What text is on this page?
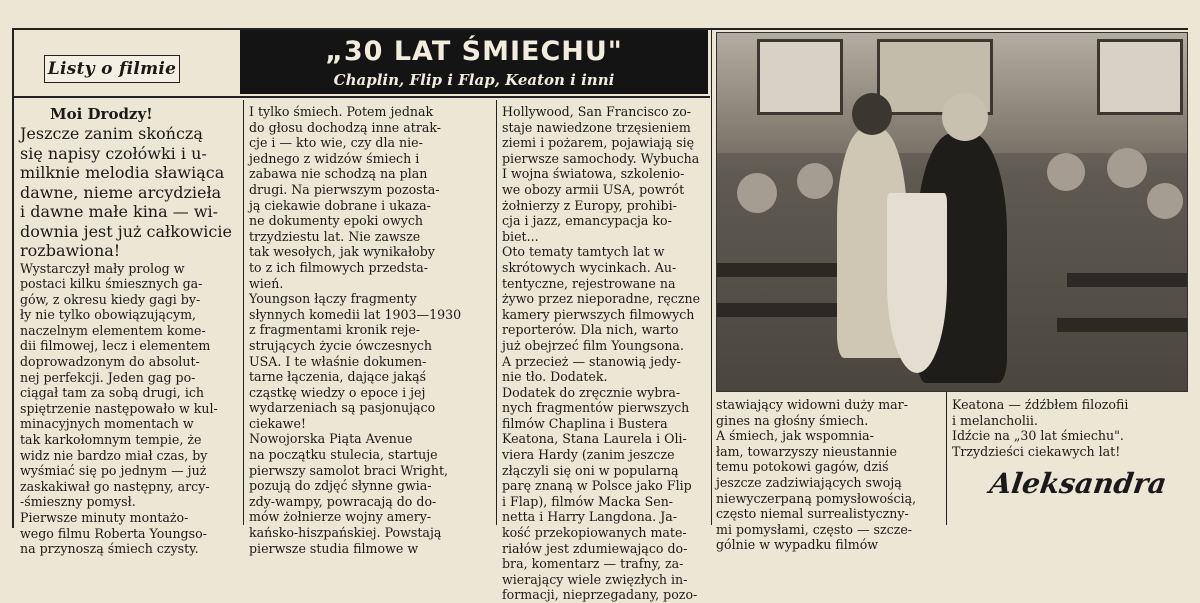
Listy o filmie
„30 LAT ŚMIECHU"
Chaplin, Flip i Flap, Keaton i inni
Moi Drodzy!
Jeszcze zanim skończą
się napisy czołówki i u-
milknie melodia sławiąca
dawne, nieme arcydzieła
i dawne małe kina — wi-
downia jest już całkowicie
rozbawiona!
Wystarczył mały prolog w
postaci kilku śmiesznych ga-
gów, z okresu kiedy gagi by-
ły nie tylko obowiązującym,
naczelnym elementem kome-
dii filmowej, lecz i elementem
doprowadzonym do absolut-
nej perfekcji. Jeden gag po-
ciągał tam za sobą drugi, ich
spiętrzenie następowało w kul-
minacyjnych momentach w
tak karkołomnym tempie, że
widz nie bardzo miał czas, by
wyśmiać się po jednym — już
zaskakiwał go następny, arcy-
-śmieszny pomysł.
Pierwsze minuty montażo-
wego filmu Roberta Youngso-
na przynoszą śmiech czysty.
I tylko śmiech. Potem jednak
do głosu dochodzą inne atrak-
cje i — kto wie, czy dla nie-
jednego z widzów śmiech i
zabawa nie schodzą na plan
drugi. Na pierwszym pozosta-
ją ciekawie dobrane i ukaza-
ne dokumenty epoki owych
trzydziestu lat. Nie zawsze
tak wesołych, jak wynikałoby
to z ich filmowych przedsta-
wień.
Youngson łączy fragmenty
słynnych komedii lat 1903—1930
z fragmentami kronik reje-
strujących życie ówczesnych
USA. I te właśnie dokumen-
tarne łączenia, dające jakąś
cząstkę wiedzy o epoce i jej
wydarzeniach są pasjonująco
ciekawe!
Nowojorska Piąta Avenue
na początku stulecia, startuje
pierwszy samolot braci Wright,
pozują do zdjęć słynne gwia-
zdy-wampy, powracają do do-
mów żołnierze wojny amery-
kańsko-hiszpańskiej. Powstają
pierwsze studia filmowe w
Hollywood, San Francisco zo-
staje nawiedzone trzęsieniem
ziemi i pożarem, pojawiają się
pierwsze samochody. Wybucha
I wojna światowa, szkolenio-
we obozy armii USA, powrót
żołnierzy z Europy, prohibi-
cja i jazz, emancypacja ko-
biet...
Oto tematy tamtych lat w
skrótowych wycinkach. Au-
tentyczne, rejestrowane na
żywo przez nieporadne, ręczne
kamery pierwszych filmowych
reporterów. Dla nich, warto
już obejrzeć film Youngsona.
A przecież — stanowią jedy-
nie tło. Dodatek.
Dodatek do zręcznie wybra-
nych fragmentów pierwszych
filmów Chaplina i Bustera
Keatona, Stana Laurela i Oli-
viera Hardy (zanim jeszcze
złączyli się oni w popularną
parę znaną w Polsce jako Flip
i Flap), filmów Macka Sen-
netta i Harry Langdona. Ja-
kość przekopiowanych mate-
riałów jest zdumiewająco do-
bra, komentarz — trafny, za-
wierający wiele zwięzłych in-
formacji, nieprzegadany, pozo-
stawiający widowni duży mar-
gines na głośny śmiech.
A śmiech, jak wspomnia-
łam, towarzyszy nieustannie
temu potokowi gagów, dziś
jeszcze zadziwiających swoją
niewyczerpaną pomysłowością,
często niemal surrealistyczny-
mi pomysłami, często — szcze-
gólnie w wypadku filmów
Keatona — źdźbłem filozofii
i melancholii.
Idźcie na „30 lat śmiechu".
Trzydzieści ciekawych lat!
Aleksandra
